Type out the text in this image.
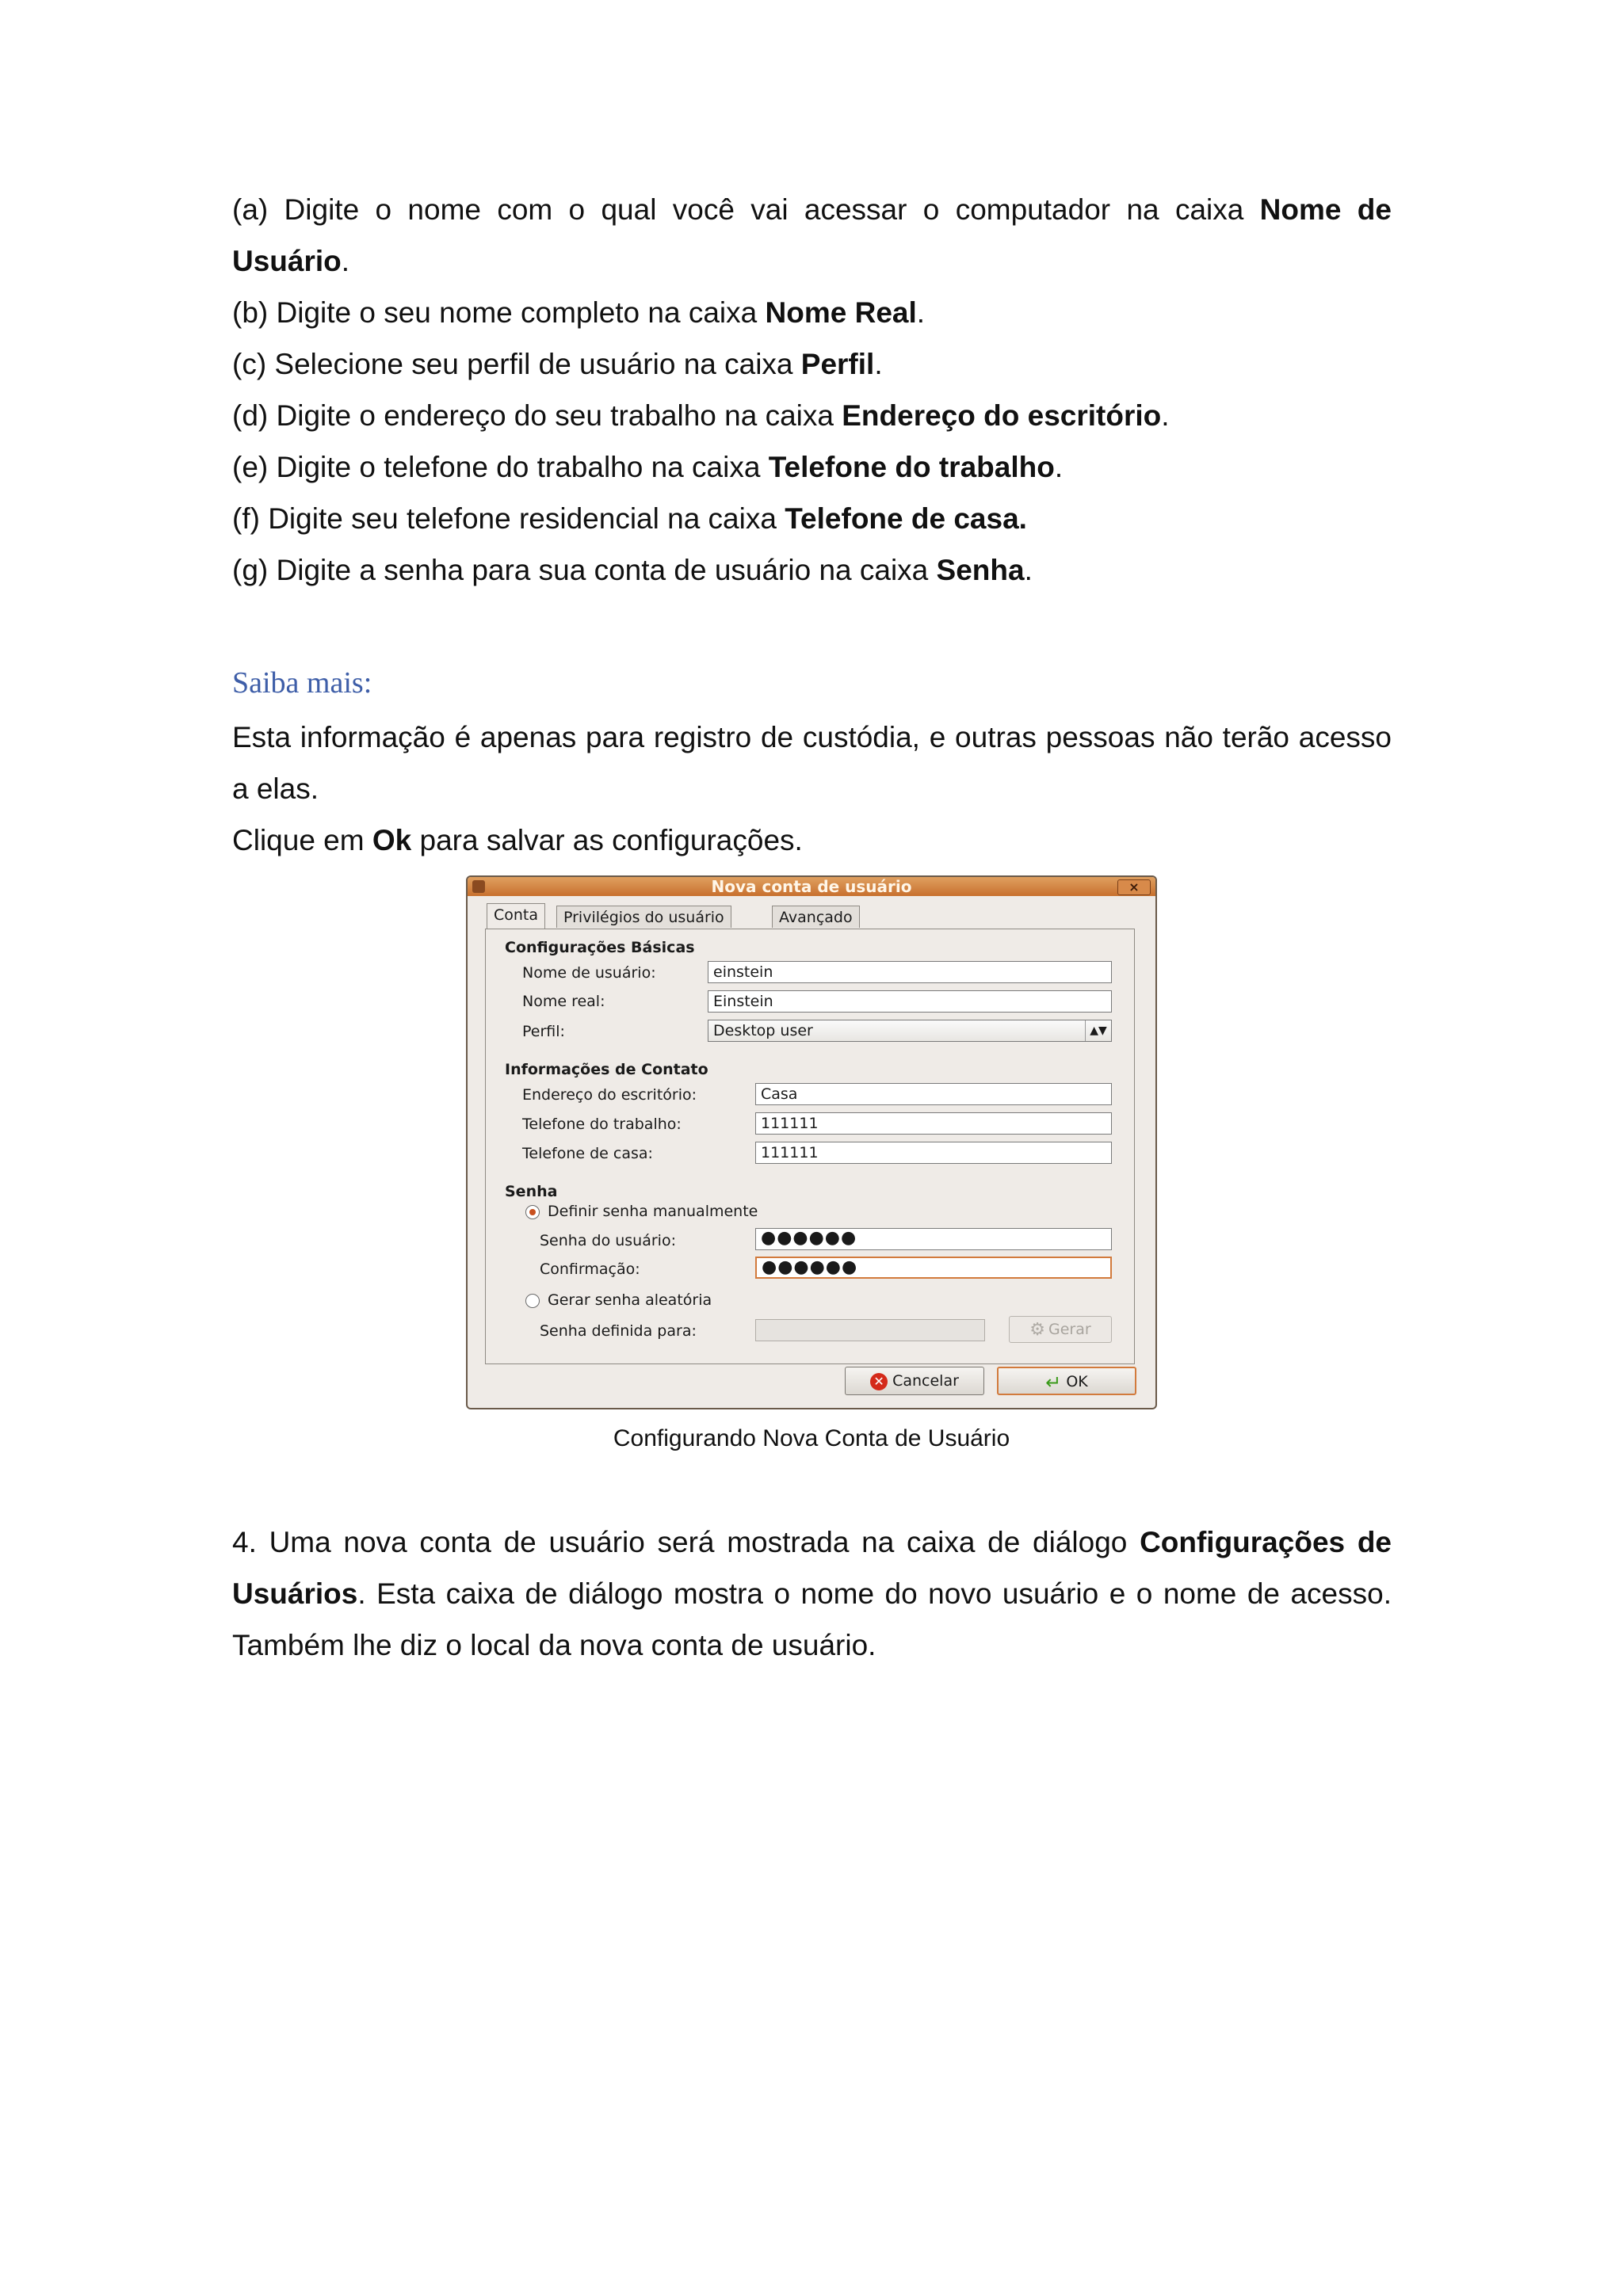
(a) Digite o nome com o qual você vai acessar o computador na caixa Nome de Usuário.

(b) Digite o seu nome completo na caixa Nome Real.

(c) Selecione seu perfil de usuário na caixa Perfil.

(d) Digite o endereço do seu trabalho na caixa Endereço do escritório.

(e) Digite o telefone do trabalho na caixa Telefone do trabalho.

(f) Digite seu telefone residencial na caixa Telefone de casa.

(g) Digite a senha para sua conta de usuário na caixa Senha.

Saiba mais:

Esta informação é apenas para registro de custódia, e outras pessoas não terão acesso a elas.

Clique em Ok para salvar as configurações.

Nova conta de usuário	×
Conta	Privilégios do usuário	Avançado
Configurações Básicas
Nome de usuário:	einstein
Nome real:	Einstein
Perfil:	Desktop user	▲▼
Informações de Contato
Endereço do escritório:	Casa
Telefone do trabalho:	111111
Telefone de casa:	111111
Senha
Definir senha manualmente
Senha do usuário:	●●●●●●
Confirmação:	●●●●●●
Gerar senha aleatória
Senha definida para:	⚙ Gerar
✕ Cancelar	↵ OK
Configurando Nova Conta de Usuário

4. Uma nova conta de usuário será mostrada na caixa de diálogo Configurações de Usuários. Esta caixa de diálogo mostra o nome do novo usuário e o nome de acesso. Também lhe diz o local da nova conta de usuário.
